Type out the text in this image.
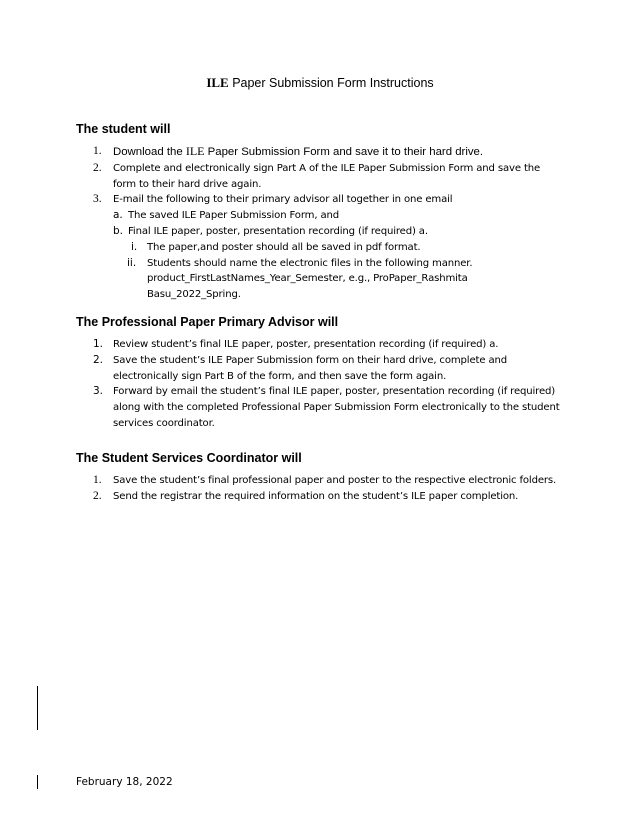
ILE Paper Submission Form Instructions
The student will
1. Download the ILE Paper Submission Form and save it to their hard drive.
2. Complete and electronically sign Part A of the ILE Paper Submission Form and save the form to their hard drive again.
3. E-mail the following to their primary advisor all together in one email
a. The saved ILE Paper Submission Form, and
b. Final ILE paper, poster, presentation recording (if required) a.
i. The paper,and poster should all be saved in pdf format.
ii. Students should name the electronic files in the following manner. product_FirstLastNames_Year_Semester, e.g., ProPaper_Rashmita Basu_2022_Spring.
The Professional Paper Primary Advisor will
1. Review student’s final ILE paper, poster, presentation recording (if required) a.
2. Save the student’s ILE Paper Submission form on their hard drive, complete and electronically sign Part B of the form, and then save the form again.
3. Forward by email the student’s final ILE paper, poster, presentation recording (if required) along with the completed Professional Paper Submission Form electronically to the student services coordinator.
The Student Services Coordinator will
1. Save the student’s final professional paper and poster to the respective electronic folders.
2. Send the registrar the required information on the student’s ILE paper completion.
February 18, 2022
